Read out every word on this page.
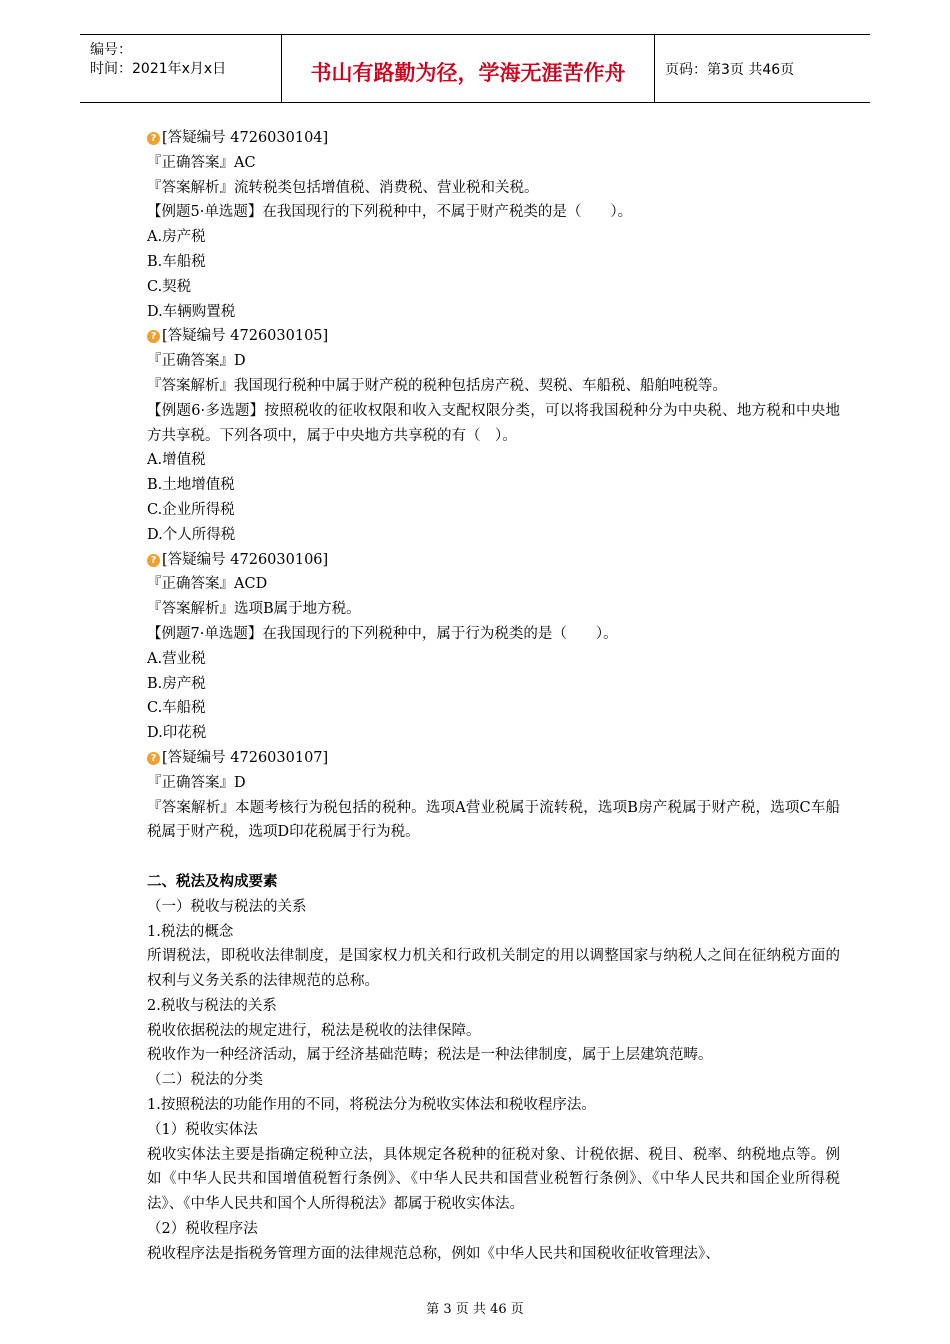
编号：
时间：2021年x月x日	书山有路勤为径，学海无涯苦作舟	页码：第3页 共46页
? [答疑编号 4726030104]
『正确答案』AC
『答案解析』流转税类包括增值税、消费税、营业税和关税。
【例题5·单选题】在我国现行的下列税种中，不属于财产税类的是（　　）。
A.房产税
B.车船税
C.契税
D.车辆购置税
? [答疑编号 4726030105]
『正确答案』D
『答案解析』我国现行税种中属于财产税的税种包括房产税、契税、车船税、船舶吨税等。
【例题6·多选题】按照税收的征收权限和收入支配权限分类，可以将我国税种分为中央税、地方税和中央地方共享税。下列各项中，属于中央地方共享税的有（　）。
A.增值税
B.土地增值税
C.企业所得税
D.个人所得税
? [答疑编号 4726030106]
『正确答案』ACD
『答案解析』选项B属于地方税。
【例题7·单选题】在我国现行的下列税种中，属于行为税类的是（　　）。
A.营业税
B.房产税
C.车船税
D.印花税
? [答疑编号 4726030107]
『正确答案』D
『答案解析』本题考核行为税包括的税种。选项A营业税属于流转税，选项B房产税属于财产税，选项C车船税属于财产税，选项D印花税属于行为税。
二、税法及构成要素
（一）税收与税法的关系
1.税法的概念
所谓税法，即税收法律制度，是国家权力机关和行政机关制定的用以调整国家与纳税人之间在征纳税方面的权利与义务关系的法律规范的总称。
2.税收与税法的关系
税收依据税法的规定进行，税法是税收的法律保障。
税收作为一种经济活动，属于经济基础范畴；税法是一种法律制度，属于上层建筑范畴。
（二）税法的分类
1.按照税法的功能作用的不同，将税法分为税收实体法和税收程序法。
（1）税收实体法
税收实体法主要是指确定税种立法，具体规定各税种的征税对象、计税依据、税目、税率、纳税地点等。例如《中华人民共和国增值税暂行条例》、《中华人民共和国营业税暂行条例》、《中华人民共和国企业所得税法》、《中华人民共和国个人所得税法》都属于税收实体法。
（2）税收程序法
税收程序法是指税务管理方面的法律规范总称，例如《中华人民共和国税收征收管理法》、
第 3 页 共 46 页
